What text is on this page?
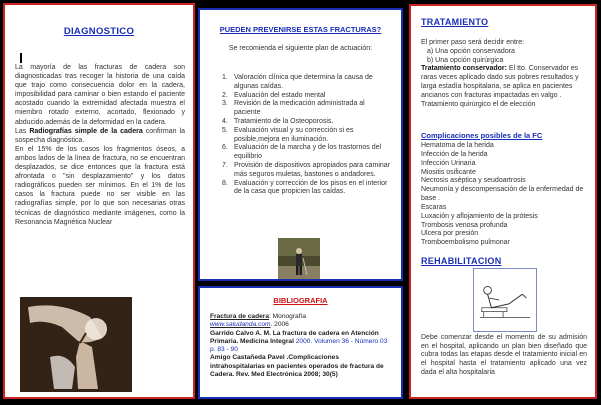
DIAGNOSTICO

La mayoría de las fracturas de cadera son diagnosticadas tras recoger la historia de una caída que trajo como consecuencia dolor en la cadera, imposibilidad para caminar o bien estando el paciente acostado cuando la extremidad afectada muestra el miembro rotado externo, acortado, flexionado y abducido.además de la deformidad en la cadera.

Las Radiografías simple de la cadera confirman la sospecha diagnóstica.

En el 15% de los casos los fragmentos óseos, a ambos lados de la línea de fractura, no se encuentran desplazados, se dice entonces que la fractura está afrontada o "sin desplazamiento" y los datos radiográficos pueden ser mínimos. En el 1% de los casos la fractura puede no ser visible en las radiografías simple, por lo que son necesarias otras técnicas de diagnóstico mediante imágenes, como la Resonancia Magnética Nuclear

PUEDEN PREVENIRSE ESTAS FRACTURAS?
Se recomienda el siguiente plan de actuación:
1. Valoración clínica que determina la causa de algunas caídas.
2. Evaluación del estado mental
3. Revisión de la medicación administrada al paciente
4. Tratamiento de la Osteoporosis.
5. Evaluación visual y su corrección si es posible,mejora en iluminación.
6. Evaluación de la marcha y de los trastornos del equilibrio
7. Provisión de dispositivos apropiados para caminar más seguros muletas, bastones o andadores.
8. Evaluación y corrección de los pisos en el interior de la casa que propicien las caídas.
BIBLIOGRAFIA

Fractura de cadera: Monografía
www.saludanda.com. 2006

Garrido Calvo A. M. La fractura de cadera en Atención Primaria. Medicina Integral 2000. Volumen 36 - Número 03 p. 83 - 90

Amigo Castañeda Pavel .Complicaciones intrahospitalarias en pacientes operados de fractura de Cadera. Rev. Med Electrónica 2008; 30(5)

TRATAMIENTO
El primer paso será decidir entre:
a) Una opción conservadora
b) Una opción quirúrgica
Tratamiento conservador: El tto. Conservador es raras veces aplicado dado sus pobres resultados y larga estadía hospitalaria, se aplica en pacientes ancianos con fracturas impactadas en valgo .
Tratamiento quirúrgico el de elección
Complicaciones posibles de la FC
Hematoma de la herida
Infección de la herida
Infección Urinaria
Miositis osificante
Necrosis aséptica y seudoartrosis
Neumonía y descompensación de la enfermedad de base .
Escaras
Luxación y aflojamiento de la prótesis
Trombosis venosa profunda
Ulcera por presión
Tromboembolismo pulmonar
REHABILITACION
Debe comenzar desde el momento de su admisión en el hospital, aplicando un plan bien diseñado que cubra todas las etapas desde el tratamiento inicial en el hospital hasta el tratamiento aplicado una vez dada el alta hospitalaria
